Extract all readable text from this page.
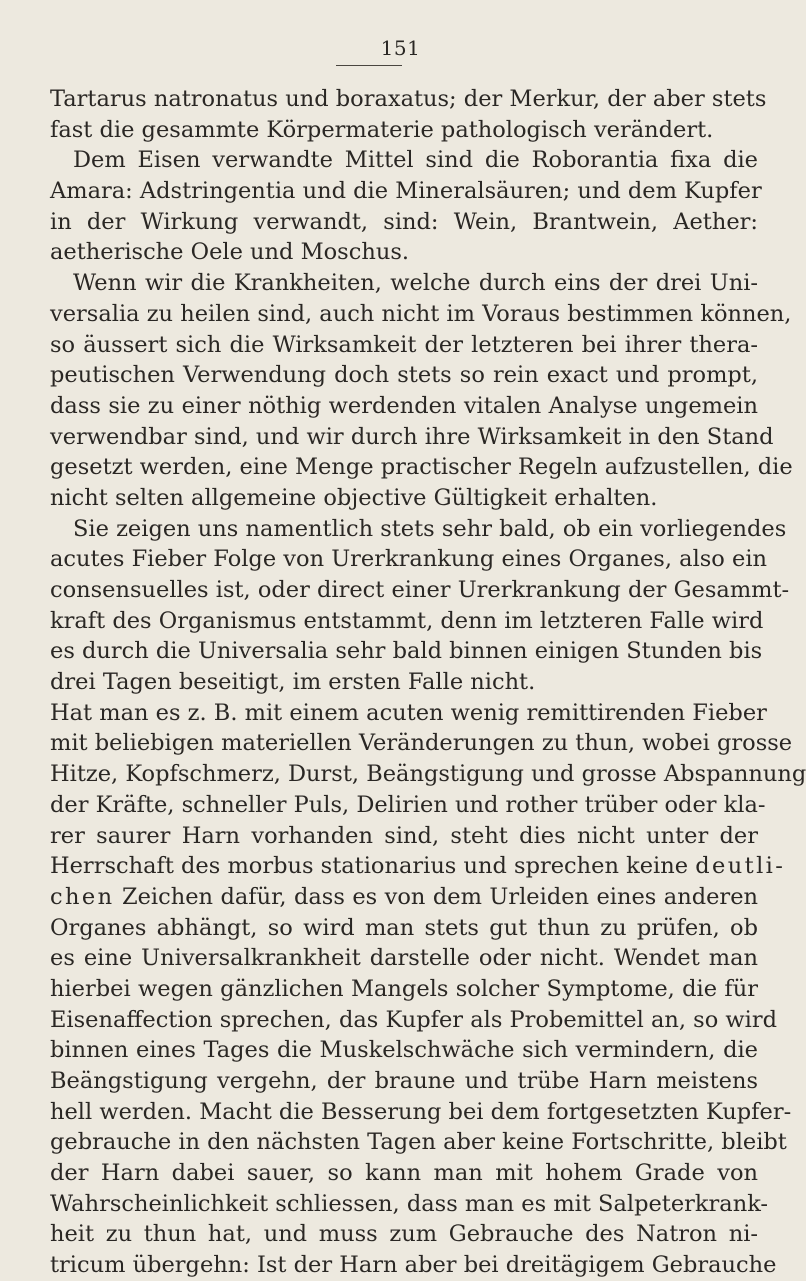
151
Tartarus natronatus und boraxatus; der Merkur, der aber stets
fast die gesammte Körpermaterie pathologisch verändert.
Dem Eisen verwandte Mittel sind die Roborantia fixa die
Amara: Adstringentia und die Mineralsäuren; und dem Kupfer
in der Wirkung verwandt, sind: Wein, Brantwein, Aether:
aetherische Oele und Moschus.
Wenn wir die Krankheiten, welche durch eins der drei Uni-
versalia zu heilen sind, auch nicht im Voraus bestimmen können,
so äussert sich die Wirksamkeit der letzteren bei ihrer thera-
peutischen Verwendung doch stets so rein exact und prompt,
dass sie zu einer nöthig werdenden vitalen Analyse ungemein
verwendbar sind, und wir durch ihre Wirksamkeit in den Stand
gesetzt werden, eine Menge practischer Regeln aufzustellen, die
nicht selten allgemeine objective Gültigkeit erhalten.
Sie zeigen uns namentlich stets sehr bald, ob ein vorliegendes
acutes Fieber Folge von Urerkrankung eines Organes, also ein
consensuelles ist, oder direct einer Urerkrankung der Gesammt-
kraft des Organismus entstammt, denn im letzteren Falle wird
es durch die Universalia sehr bald binnen einigen Stunden bis
drei Tagen beseitigt, im ersten Falle nicht.
Hat man es z. B. mit einem acuten wenig remittirenden Fieber
mit beliebigen materiellen Veränderungen zu thun, wobei grosse
Hitze, Kopfschmerz, Durst, Beängstigung und grosse Abspannung
der Kräfte, schneller Puls, Delirien und rother trüber oder kla-
rer saurer Harn vorhanden sind, steht dies nicht unter der
Herrschaft des morbus stationarius und sprechen keine deutli-
chen Zeichen dafür, dass es von dem Urleiden eines anderen
Organes abhängt, so wird man stets gut thun zu prüfen, ob
es eine Universalkrankheit darstelle oder nicht. Wendet man
hierbei wegen gänzlichen Mangels solcher Symptome, die für
Eisenaffection sprechen, das Kupfer als Probemittel an, so wird
binnen eines Tages die Muskelschwäche sich vermindern, die
Beängstigung vergehn, der braune und trübe Harn meistens
hell werden. Macht die Besserung bei dem fortgesetzten Kupfer-
gebrauche in den nächsten Tagen aber keine Fortschritte, bleibt
der Harn dabei sauer, so kann man mit hohem Grade von
Wahrscheinlichkeit schliessen, dass man es mit Salpeterkrank-
heit zu thun hat, und muss zum Gebrauche des Natron ni-
tricum übergehn: Ist der Harn aber bei dreitägigem Gebrauche
